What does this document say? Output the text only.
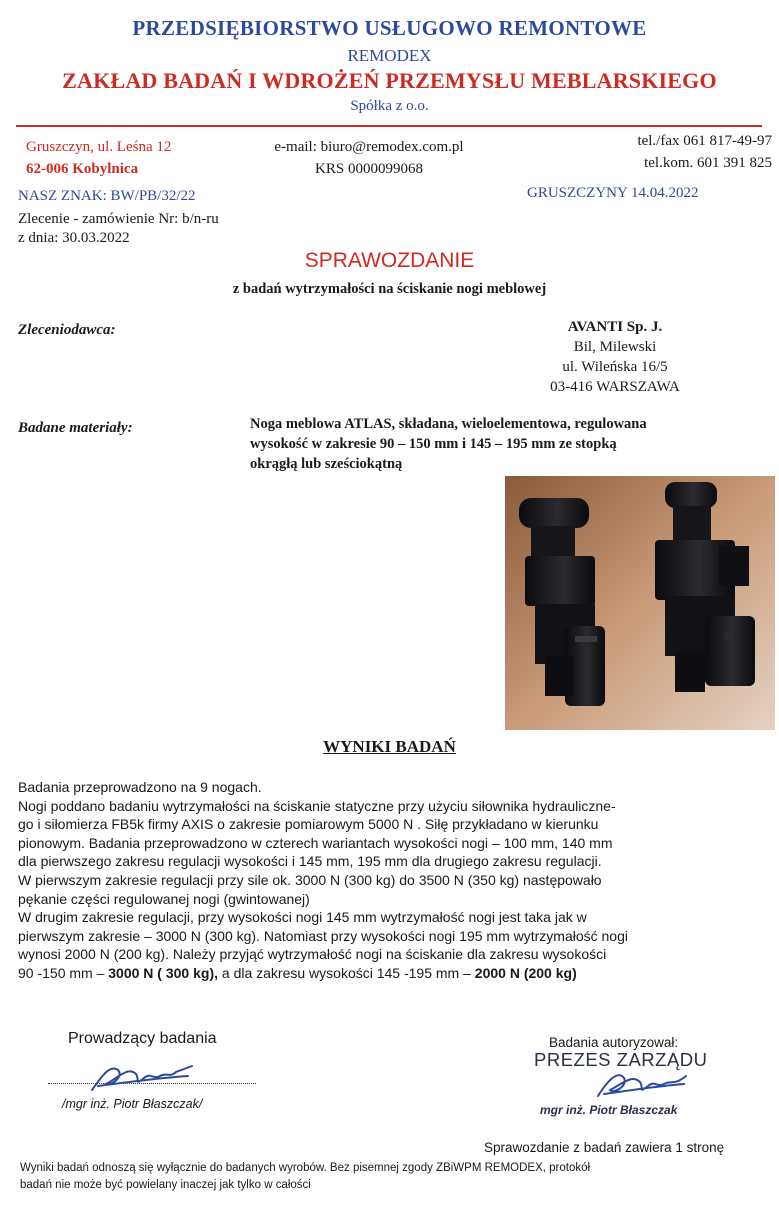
PRZEDSIĘBIORSTWO USŁUGOWO REMONTOWE
REMODEX
ZAKŁAD BADAŃ I WDROŻEŃ PRZEMYSŁU MEBLARSKIEGO
Spółka z o.o.
Gruszczyn, ul. Leśna 12
62-006 Kobylnica
e-mail: biuro@remodex.com.pl
KRS 0000099068
tel./fax 061 817-49-97
tel.kom. 601 391 825
NASZ ZNAK: BW/PB/32/22	GRUSZCZYNY 14.04.2022
Zlecenie - zamówienie Nr: b/n-ru
z dnia: 30.03.2022
SPRAWOZDANIE
z badań wytrzymałości na ściskanie nogi meblowej
Zleceniodawca:	AVANTI Sp. J.
Bil, Milewski
ul. Wileńska 16/5
03-416 WARSZAWA
Badane materiały:	Noga meblowa ATLAS, składana, wieloelementowa, regulowana
wysokość w zakresie 90 – 150 mm i 145 – 195 mm ze stopką
okrągłą lub sześciokątną
WYNIKI BADAŃ
Badania przeprowadzono na 9 nogach.
Nogi poddano badaniu wytrzymałości na ściskanie statyczne przy użyciu siłownika hydrauliczne-
go i siłomierza FB5k firmy AXIS o zakresie pomiarowym 5000 N . Siłę przykładano w kierunku
pionowym. Badania przeprowadzono w czterech wariantach wysokości nogi – 100 mm, 140 mm
dla pierwszego zakresu regulacji wysokości i 145 mm, 195 mm dla drugiego zakresu regulacji.
W pierwszym zakresie regulacji przy sile ok. 3000 N (300 kg) do 3500 N (350 kg) następowało
pękanie części regulowanej nogi (gwintowanej)
W drugim zakresie regulacji, przy wysokości nogi 145 mm wytrzymałość nogi jest taka jak w
pierwszym zakresie – 3000 N (300 kg). Natomiast przy wysokości nogi 195 mm wytrzymałość nogi
wynosi 2000 N (200 kg). Należy przyjąć wytrzymałość nogi na ściskanie dla zakresu wysokości
90 -150 mm – 3000 N ( 300 kg), a dla zakresu wysokości 145 -195 mm – 2000 N (200 kg)
Prowadzący badania
/mgr inż. Piotr Błaszczak/
Badania autoryzował:
PREZES ZARZĄDU
mgr inż. Piotr Błaszczak
Sprawozdanie z badań zawiera 1 stronę
Wyniki badań odnoszą się wyłącznie do badanych wyrobów. Bez pisemnej zgody ZBiWPM REMODEX, protokół
badań nie może być powielany inaczej jak tylko w całości
